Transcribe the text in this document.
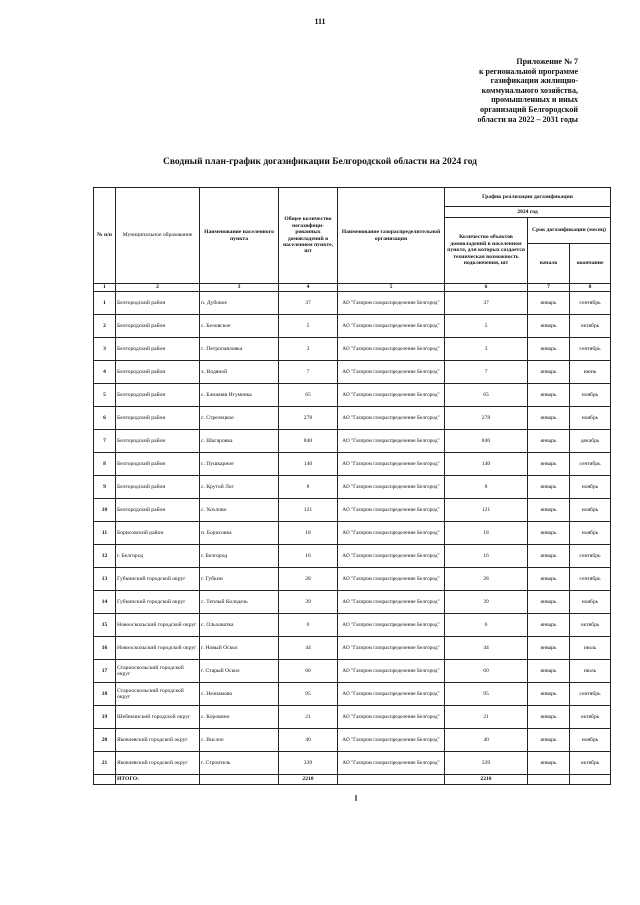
111
Приложение № 7
к региональной программе
газификации жилищно-
коммунального хозяйства,
промышленных и иных
организаций Белгородской
области на 2022 – 2031 годы
Сводный план-график догазификации Белгородской области на 2024 год
№ п/п	Муниципальное образование	Наименование населенного пункта	Общее количество негазифици-рованных домовладений в населенном пункте, шт	Наименование газораспределительной организации	График реализации догазификации		
					2024 год		
					Количество объектов домовладений в населенном пункте, для которых создается техническая возможность подключения, шт	Срок догазификации (месяц)	
						начало	окончание
1	2	3	4	5	6	7	8
1	Белгородский район	п. Дубовое	37	АО "Газпром газораспределение Белгород"	37	январь	сентябрь
2	Белгородский район	с. Беловское	5	АО "Газпром газораспределение Белгород"	5	январь	октябрь
3	Белгородский район	с. Петропавловка	3	АО "Газпром газораспределение Белгород"	3	январь	сентябрь
4	Белгородский район	х. Водяной	7	АО "Газпром газораспределение Белгород"	7	январь	июнь
5	Белгородский район	с. Ближняя Игуменка	65	АО "Газпром газораспределение Белгород"	65	январь	ноябрь
6	Белгородский район	с. Стрелецкое	278	АО "Газпром газораспределение Белгород"	278	январь	ноябрь
7	Белгородский район	с. Шагаровка	840	АО "Газпром газораспределение Белгород"	840	январь	декабрь
8	Белгородский район	с. Пушкарное	140	АО "Газпром газораспределение Белгород"	140	январь	сентябрь
9	Белгородский район	с. Крутой Лог	8	АО "Газпром газораспределение Белгород"	8	январь	ноябрь
10	Белгородский район	с. Хохлово	121	АО "Газпром газораспределение Белгород"	121	январь	ноябрь
11	Борисовский район	п. Борисовка	18	АО "Газпром газораспределение Белгород"	18	январь	ноябрь
12	г. Белгород	г. Белгород	16	АО "Газпром газораспределение Белгород"	16	январь	сентябрь
13	Губкинский городской округ	г. Губкин	28	АО "Газпром газораспределение Белгород"	28	январь	сентябрь
14	Губкинский городской округ	с. Теплый Колодезь	39	АО "Газпром газораспределение Белгород"	39	январь	ноябрь
15	Новооскольский городской округ	с. Ольховатка	6	АО "Газпром газораспределение Белгород"	6	январь	октябрь
16	Новооскольский городской округ	г. Новый Оскол	44	АО "Газпром газораспределение Белгород"	44	январь	июль
17	Старооскольский городской округ	г. Старый Оскол	60	АО "Газпром газораспределение Белгород"	60	январь	июль
18	Старооскольский городской округ	с. Незнамово	95	АО "Газпром газораспределение Белгород"	95	январь	сентябрь
19	Шебекинский городской округ	с. Коровино	21	АО "Газпром газораспределение Белгород"	21	январь	октябрь
20	Яковлевский городской округ	с. Вислое	40	АО "Газпром газораспределение Белгород"	40	январь	ноябрь
21	Яковлевский городской округ	г. Строитель	339	АО "Газпром газораспределение Белгород"	339	январь	октябрь
	ИТОГО:		2210		2210		
